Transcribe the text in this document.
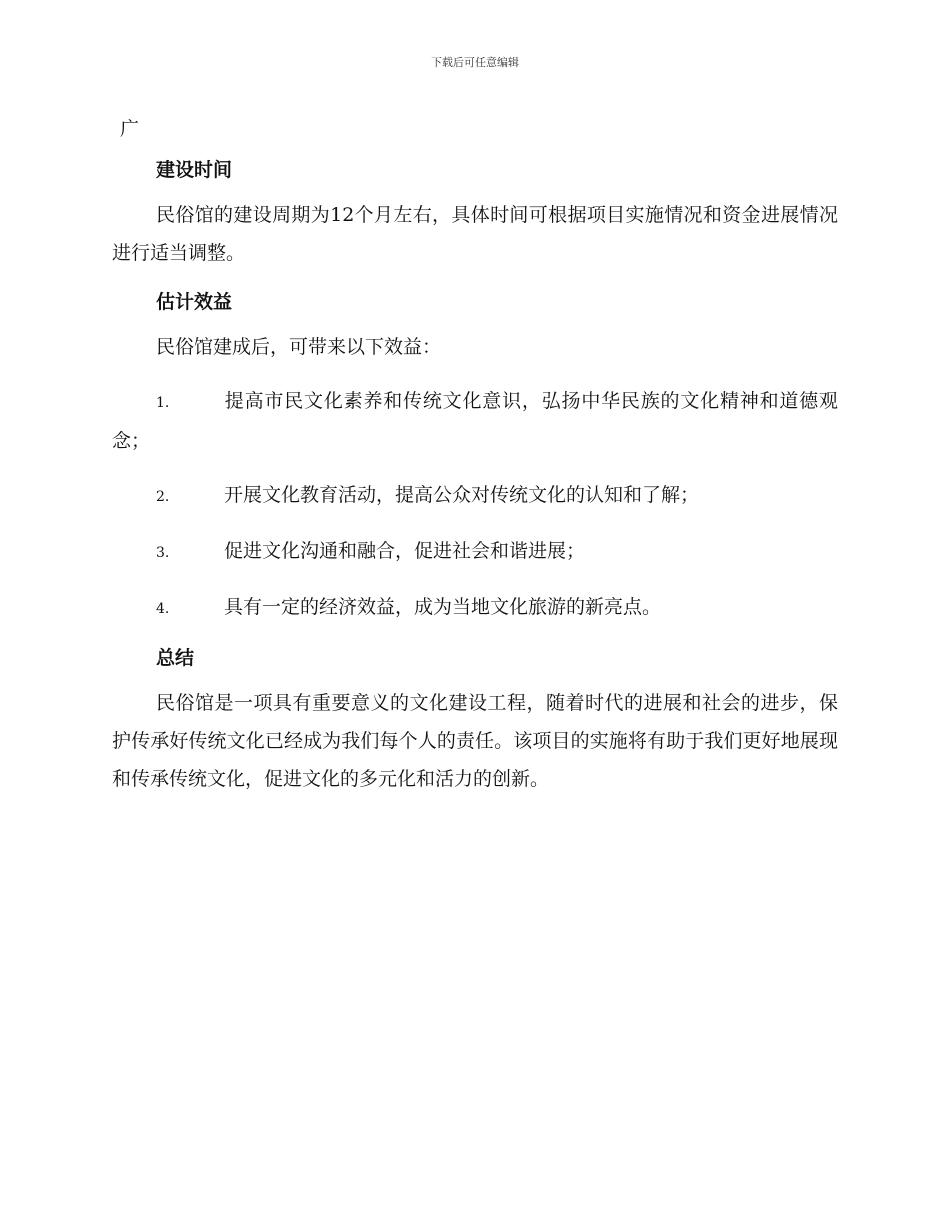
下载后可任意编辑
广
建设时间

民俗馆的建设周期为12个月左右，具体时间可根据项目实施情况和资金进展情况进行适当调整。

估计效益

民俗馆建成后，可带来以下效益：

1.	提高市民文化素养和传统文化意识，弘扬中华民族的文化精神和道德观念；
2.	开展文化教育活动，提高公众对传统文化的认知和了解；
3.	促进文化沟通和融合，促进社会和谐进展；
4.	具有一定的经济效益，成为当地文化旅游的新亮点。
总结

民俗馆是一项具有重要意义的文化建设工程，随着时代的进展和社会的进步，保护传承好传统文化已经成为我们每个人的责任。该项目的实施将有助于我们更好地展现和传承传统文化，促进文化的多元化和活力的创新。
